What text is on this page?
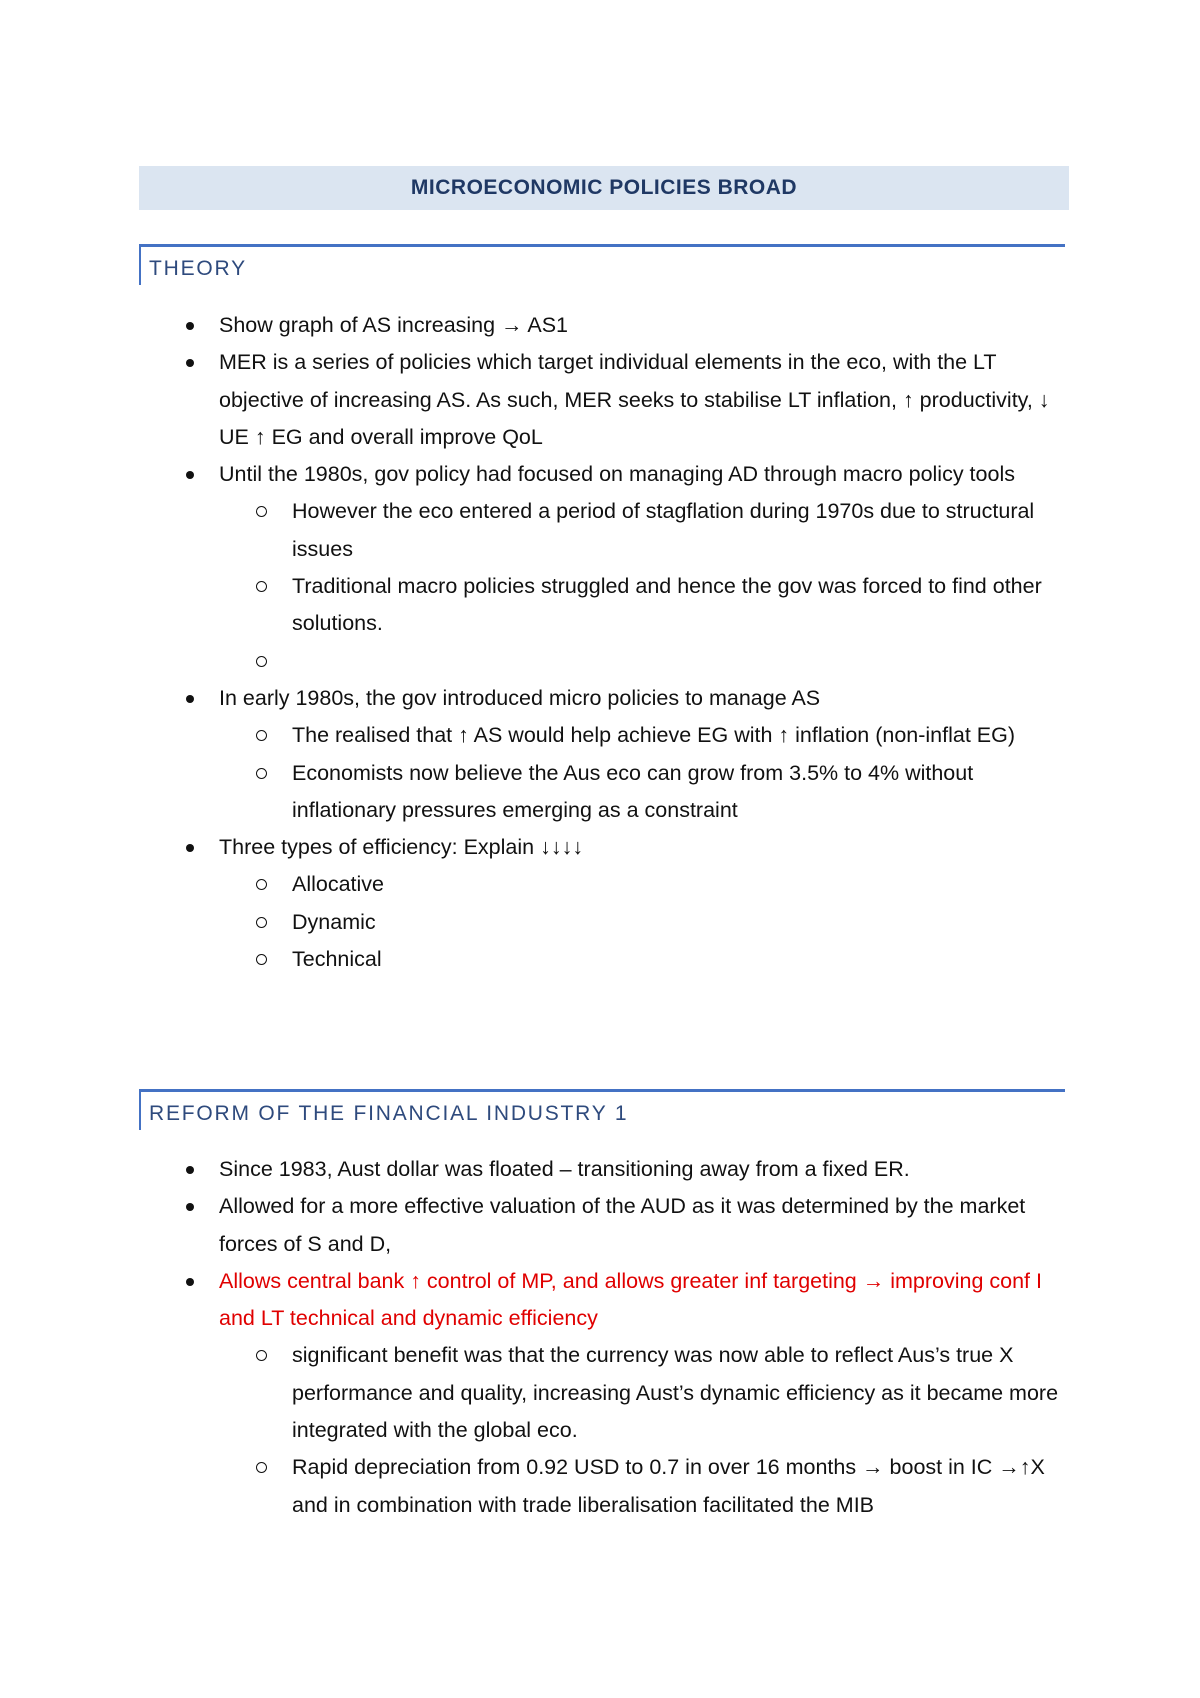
MICROECONOMIC POLICIES BROAD
THEORY
Show graph of AS increasing → AS1
MER is a series of policies which target individual elements in the eco, with the LT objective of increasing AS. As such, MER seeks to stabilise LT inflation, ↑ productivity, ↓ UE ↑ EG and overall improve QoL
Until the 1980s, gov policy had focused on managing AD through macro policy tools
However the eco entered a period of stagflation during 1970s due to structural issues
Traditional macro policies struggled and hence the gov was forced to find other solutions.

In early 1980s, the gov introduced micro policies to manage AS
The realised that ↑ AS would help achieve EG with ↑ inflation (non-inflat EG)
Economists now believe the Aus eco can grow from 3.5% to 4% without inflationary pressures emerging as a constraint
Three types of efficiency: Explain ↓↓↓↓
Allocative
Dynamic
Technical
REFORM OF THE FINANCIAL INDUSTRY 1
Since 1983, Aust dollar was floated – transitioning away from a fixed ER.
Allowed for a more effective valuation of the AUD as it was determined by the market forces of S and D,
Allows central bank ↑ control of MP, and allows greater inf targeting → improving conf I and LT technical and dynamic efficiency
significant benefit was that the currency was now able to reflect Aus’s true X performance and quality, increasing Aust’s dynamic efficiency as it became more integrated with the global eco.
Rapid depreciation from 0.92 USD to 0.7 in over 16 months → boost in IC →↑X and in combination with trade liberalisation facilitated the MIB
